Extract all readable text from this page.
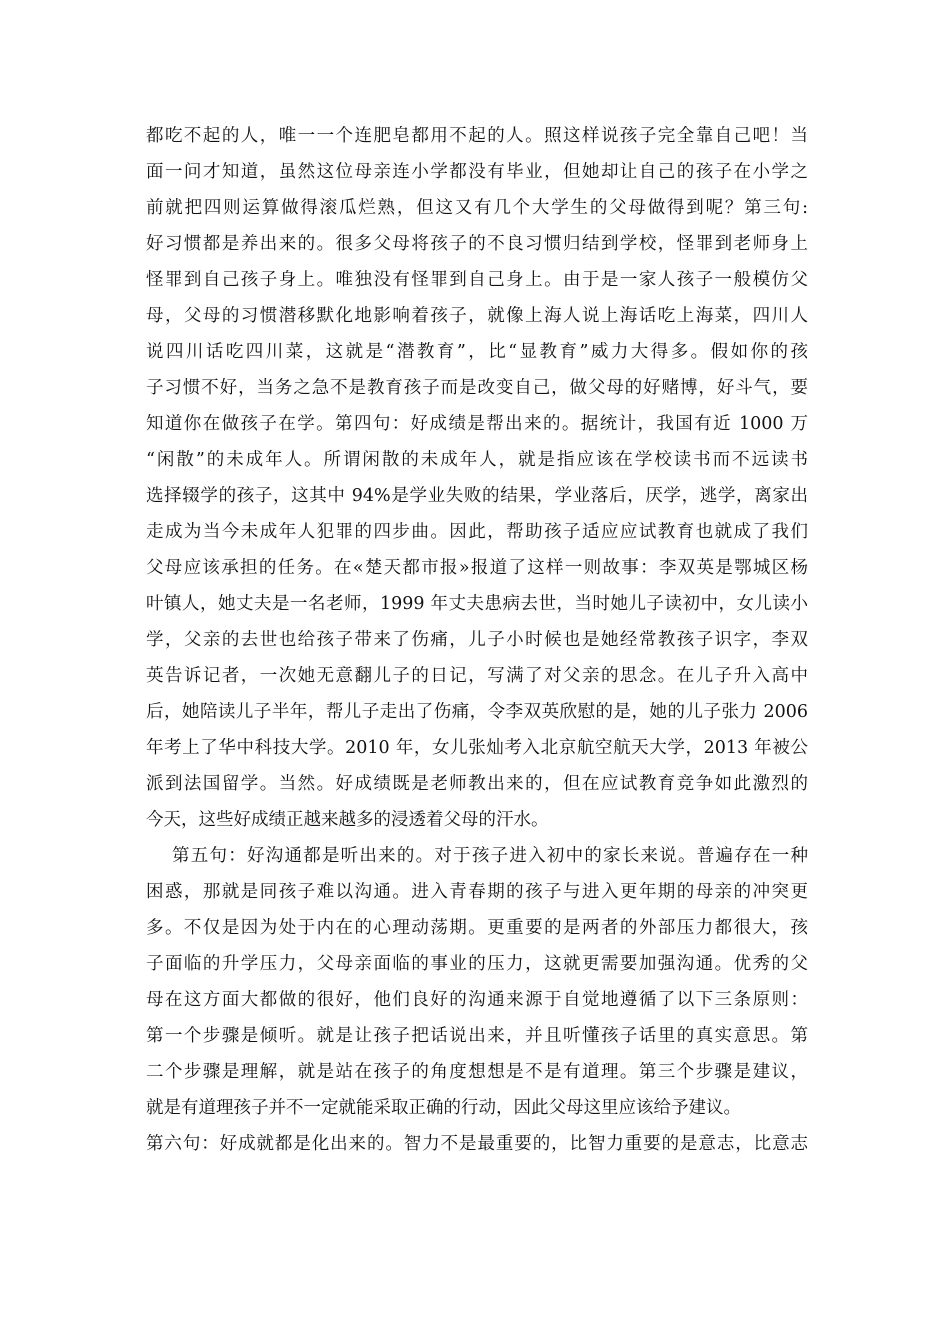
都吃不起的人，唯一一个连肥皂都用不起的人。照这样说孩子完全靠自己吧！当
面一问才知道，虽然这位母亲连小学都没有毕业，但她却让自己的孩子在小学之
前就把四则运算做得滚瓜烂熟，但这又有几个大学生的父母做得到呢？第三句:
好习惯都是养出来的。很多父母将孩子的不良习惯归结到学校，怪罪到老师身上
怪罪到自己孩子身上。唯独没有怪罪到自己身上。由于是一家人孩子一般模仿父
母，父母的习惯潜移默化地影响着孩子，就像上海人说上海话吃上海菜，四川人
说四川话吃四川菜，这就是“潜教育”，比“显教育”威力大得多。假如你的孩
子习惯不好，当务之急不是教育孩子而是改变自己，做父母的好赌博，好斗气，要
知道你在做孩子在学。第四句：好成绩是帮出来的。据统计，我国有近 1000 万
“闲散”的未成年人。所谓闲散的未成年人，就是指应该在学校读书而不远读书
选择辍学的孩子，这其中 94%是学业失败的结果，学业落后，厌学，逃学，离家出
走成为当今未成年人犯罪的四步曲。因此，帮助孩子适应应试教育也就成了我们
父母应该承担的任务。在«楚天都市报»报道了这样一则故事：李双英是鄂城区杨
叶镇人，她丈夫是一名老师，1999 年丈夫患病去世，当时她儿子读初中，女儿读小
学，父亲的去世也给孩子带来了伤痛，儿子小时候也是她经常教孩子识字，李双
英告诉记者，一次她无意翻儿子的日记，写满了对父亲的思念。在儿子升入高中
后，她陪读儿子半年，帮儿子走出了伤痛，令李双英欣慰的是，她的儿子张力 2006
年考上了华中科技大学。2010 年，女儿张灿考入北京航空航天大学，2013 年被公
派到法国留学。当然。好成绩既是老师教出来的，但在应试教育竞争如此激烈的
今天，这些好成绩正越来越多的浸透着父母的汗水。
第五句：好沟通都是听出来的。对于孩子进入初中的家长来说。普遍存在一种
困惑，那就是同孩子难以沟通。进入青春期的孩子与进入更年期的母亲的冲突更
多。不仅是因为处于内在的心理动荡期。更重要的是两者的外部压力都很大，孩
子面临的升学压力，父母亲面临的事业的压力，这就更需要加强沟通。优秀的父
母在这方面大都做的很好，他们良好的沟通来源于自觉地遵循了以下三条原则：
第一个步骤是倾听。就是让孩子把话说出来，并且听懂孩子话里的真实意思。第
二个步骤是理解，就是站在孩子的角度想想是不是有道理。第三个步骤是建议，
就是有道理孩子并不一定就能采取正确的行动，因此父母这里应该给予建议。
第六句：好成就都是化出来的。智力不是最重要的，比智力重要的是意志，比意志
